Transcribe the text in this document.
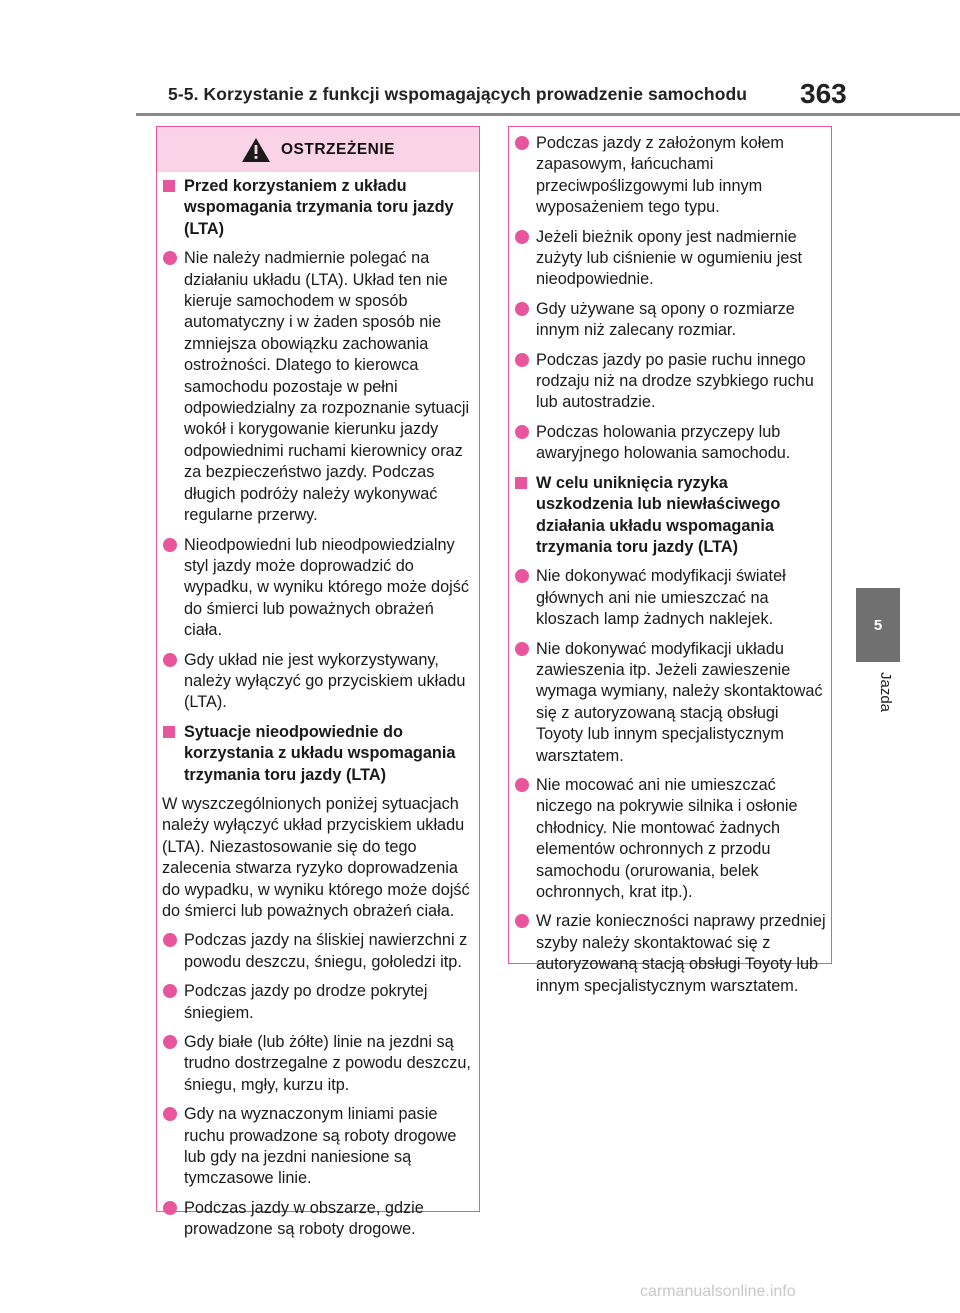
5-5. Korzystanie z funkcji wspomagających prowadzenie samochodu 363
5
Jazda
OSTRZEŻENIE
Przed korzystaniem z układu wspomagania trzymania toru jazdy (LTA)
Nie należy nadmiernie polegać na działaniu układu (LTA). Układ ten nie kieruje samochodem w sposób automatyczny i w żaden sposób nie zmniejsza obowiązku zachowania ostrożności. Dlatego to kierowca samochodu pozostaje w pełni odpowiedzialny za rozpoznanie sytuacji wokół i korygowanie kierunku jazdy odpowiednimi ruchami kierownicy oraz za bezpieczeństwo jazdy. Podczas długich podróży należy wykonywać regularne przerwy.
Nieodpowiedni lub nieodpowiedzialny styl jazdy może doprowadzić do wypadku, w wyniku którego może dojść do śmierci lub poważnych obrażeń ciała.
Gdy układ nie jest wykorzystywany, należy wyłączyć go przyciskiem układu (LTA).
Sytuacje nieodpowiednie do korzystania z układu wspomagania trzymania toru jazdy (LTA)
W wyszczególnionych poniżej sytuacjach należy wyłączyć układ przyciskiem układu (LTA). Niezastosowanie się do tego zalecenia stwarza ryzyko doprowadzenia do wypadku, w wyniku którego może dojść do śmierci lub poważnych obrażeń ciała.
Podczas jazdy na śliskiej nawierzchni z powodu deszczu, śniegu, gołoledzi itp.
Podczas jazdy po drodze pokrytej śniegiem.
Gdy białe (lub żółte) linie na jezdni są trudno dostrzegalne z powodu deszczu, śniegu, mgły, kurzu itp.
Gdy na wyznaczonym liniami pasie ruchu prowadzone są roboty drogowe lub gdy na jezdni naniesione są tymczasowe linie.
Podczas jazdy w obszarze, gdzie prowadzone są roboty drogowe.
Podczas jazdy z założonym kołem zapasowym, łańcuchami przeciwpoślizgowymi lub innym wyposażeniem tego typu.
Jeżeli bieżnik opony jest nadmiernie zużyty lub ciśnienie w ogumieniu jest nieodpowiednie.
Gdy używane są opony o rozmiarze innym niż zalecany rozmiar.
Podczas jazdy po pasie ruchu innego rodzaju niż na drodze szybkiego ruchu lub autostradzie.
Podczas holowania przyczepy lub awaryjnego holowania samochodu.
W celu uniknięcia ryzyka uszkodzenia lub niewłaściwego działania układu wspomagania trzymania toru jazdy (LTA)
Nie dokonywać modyfikacji świateł głównych ani nie umieszczać na kloszach lamp żadnych naklejek.
Nie dokonywać modyfikacji układu zawieszenia itp. Jeżeli zawieszenie wymaga wymiany, należy skontaktować się z autoryzowaną stacją obsługi Toyoty lub innym specjalistycznym warsztatem.
Nie mocować ani nie umieszczać niczego na pokrywie silnika i osłonie chłodnicy. Nie montować żadnych elementów ochronnych z przodu samochodu (orurowania, belek ochronnych, krat itp.).
W razie konieczności naprawy przedniej szyby należy skontaktować się z autoryzowaną stacją obsługi Toyoty lub innym specjalistycznym warsztatem.
carmanualsonline.info
